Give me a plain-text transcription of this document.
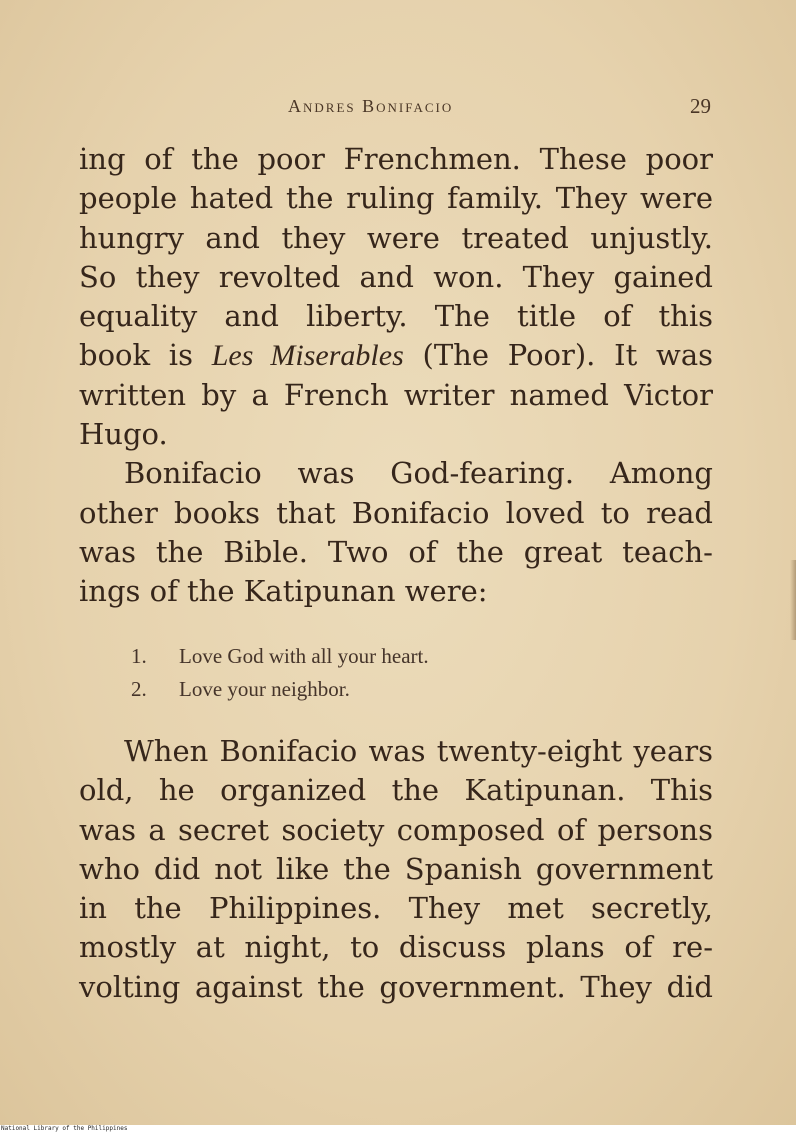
Andres Bonifacio	29
ing of the poor Frenchmen. These poor
people hated the ruling family. They were
hungry and they were treated unjustly.
So they revolted and won. They gained
equality and liberty. The title of this
book is Les Miserables (The Poor). It was
written by a French writer named Victor
Hugo.
Bonifacio was God-fearing. Among
other books that Bonifacio loved to read
was the Bible. Two of the great teach-
ings of the Katipunan were:
1. Love God with all your heart.
2. Love your neighbor.
When Bonifacio was twenty-eight years
old, he organized the Katipunan. This
was a secret society composed of persons
who did not like the Spanish government
in the Philippines. They met secretly,
mostly at night, to discuss plans of re-
volting against the government. They did
National Library of the Philippines
